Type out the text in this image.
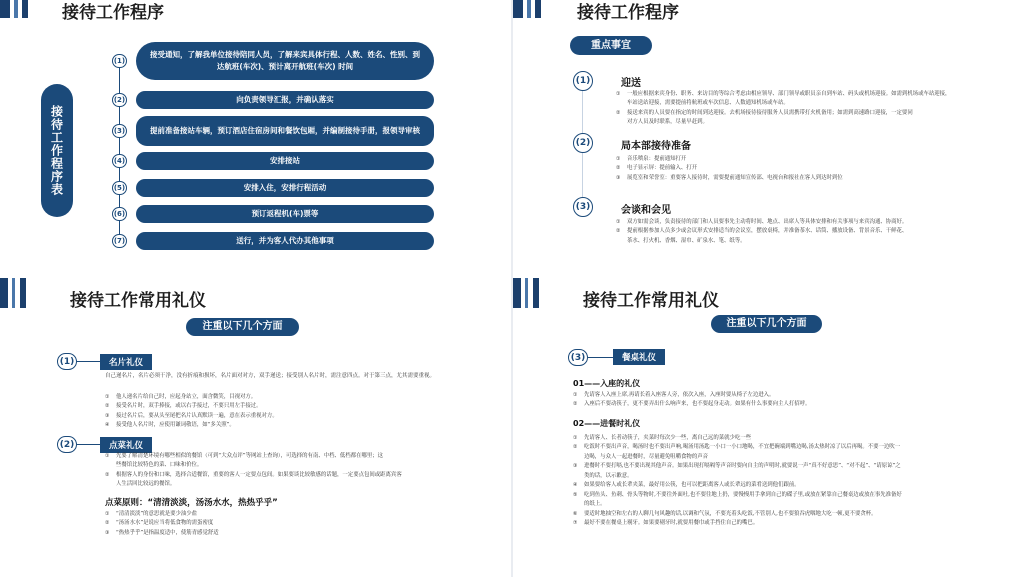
接待工作程序
接待工作程序表
(1)
接受通知，了解我单位接待陪同人员，了解来宾具体行程、人数、姓名、性别、到达航班(车次)、预计离开航班(车次) 时间
(2)	向负责领导汇报，并确认落实
(3)	提前准备接站车辆，预订酒店住宿房间和餐饮包厢，并编制接待手册，报领导审核
(4)	安排接站
(5)	安排入住，安排行程活动
(6)	预订返程机(车)票等
(7)	送行，并为客人代办其他事项
接待工作程序
重点事宜
(1)	迎送
① 一般应根据来宾身份、职务、来访目的等综合考虑由相应领导、部门领导或职员亲自到车站、码头或机场迎接。如需到机场或车站迎接，
车站送站迎接，需要提前将航班或车次信息、人数通知机场或车站。
② 接送来宾的人员要在指定的时间到达迎接。去机场接待接待服务人员需携带打火机备用；如需到高速路口迎接，一定要同
对方人员及时联系，尽量早赶到。
(2)	局本部接待准备
① 音乐喷泉：提前通知打开
② 电子显示屏：提前输入、打开
③ 展览室和荣誉室：重要客人接待时，需要提前通知宣传部、电视台和报社在客人到达时到位
(3)	会谈和会见
① 双方如需会谈，负责接待的部门和人员要事先主动将时间、地点、出席人等具体安排和有关事项与来宾沟通、协商好。
② 提前根据参加人员多少或会议形式安排适当的会议室，摆放桌椅，并准备茶水、话筒、播放设备、背景音乐、干鲜花、
茶水、打火机、香烟、湿巾、矿泉水、笔、纸等。
接待工作常用礼仪
注重以下几个方面
(1)	名片礼仪
自己递名片，名片必须干净，没有折痕和损坏，名片面对对方，双手递送；接受别人名片时，需注意四点。对于第三点，尤其需要重视。
① 他人递名片给自己时，应起身站立，面含微笑，目视对方。
② 接受名片时，双手捧接，或以右手接过，不要只用左手接过。
③ 接过名片后，要从头至尾把名片认真默读一遍，意在表示重视对方。
④ 接受他人名片时，应使用谦词敬语，如“多关照”。
(2)	点菜礼仪
① 先要了解清楚环境有哪些相似的餐馆（可到“大众点评”等网站上查询），可选择的有南、中档、低档都在哪里；这
些餐馆比较特色的菜、口味和价位。
② 根据客人的身份和口味，选择合适餐馆，重要的客人一定要点包间。如果要谈比较敏感的话题，一定要点包间或距离宾客
人生活回比较远的餐馆。
点菜原则：“清清淡淡，汤汤水水，热热乎乎”
① “清清淡淡”的意思就是要少油少盐
② “汤汤水水”是说应当将低食物的需蛋密度
③ “热热乎乎”是指温度适中，使筋青感觉舒适
接待工作常用礼仪
注重以下几个方面
(3)	餐桌礼仪
01——入座的礼仪
① 先请客人入座上席,再请长着入座客人旁，依次入座，入座时要从椅子左边进入。
② 入座后不要动筷子，更不要弄出什么响声来，也不要起身走动。如果有什么事要向主人打招呼。
02——进餐时礼仪
① 先请客人、长者动筷子，夹菜时每次少一些，离自己远的菜就少吃一些
② 吃饭时不要出声音，喝汤时也不要出声响,喝汤用汤匙一小口一小口地喝，不宜把碗端到嘴边喝,汤太热时凉了以后再喝。不要一边吹一
边喝，与众人一起进餐时，尽量避免咀嚼食物的声音
③ 进餐时不要打嗝,也不要出现其他声音。如果出现打嗝嗝等声音时要向自主的声明时,就要说一声“真不好意思”、“对不起”、“请原谅”之
类的话，以示歉意。
④ 如果要给客人或长辈夹菜，最好用公筷，也可以把距离客人或长辈远的菜肴送到他们跟前。
⑤ 吃到鱼头、鱼刺、骨头等物时,不要往外面吐,也不要往地上扔，要慢慢用手拿到自己的碟子里,或放在紧靠自己餐桌边或放在事先准备好
的纸上。
⑥ 要适时地抽空和左右的人聊几句风趣的话,以调和气氛，不要光着头吃饭,不管别人,也不要狼吞虎咽地大吃一顿,更不要贪杯。
⑦ 最好不要在餐桌上剔牙。如果要剔牙时,就要用餐巾或手挡住自己的嘴巴。
